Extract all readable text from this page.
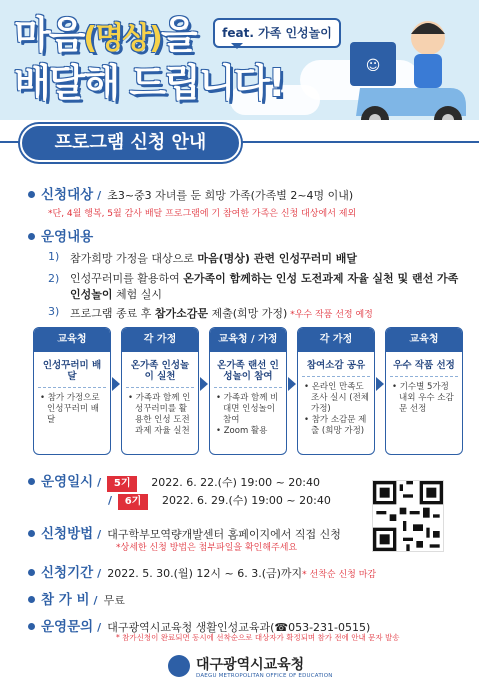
마음(명상)을
배달해 드립니다!
feat. 가족 인성놀이
☺
프로그램 신청 안내
신청대상 / 초3~중3 자녀를 둔 희망 가족(가족별 2~4명 이내)
*단, 4월 행복, 5월 감사 배달 프로그램에 기 참여한 가족은 신청 대상에서 제외
운영내용
1) 참가희망 가정을 대상으로 마음(명상) 관련 인성꾸러미 배달
2) 인성꾸러미를 활용하여 온가족이 함께하는 인성 도전과제 자율 실천 및 랜선 가족 인성놀이 체험 실시
3) 프로그램 종료 후 참가소감문 제출(희망 가정) *우수 작품 선정 예정
교육청
인성꾸러미 배달
• 참가 가정으로 인성꾸러미 배달
각 가정
온가족 인성놀이 실천
• 가족과 함께 인성꾸러미를 활용한 인성 도전과제 자율 실천
교육청 / 가정
온가족 랜선 인성놀이 참여
• 가족과 함께 비대면 인성놀이 참여
• Zoom 활용
각 가정
참여소감 공유
• 온라인 만족도 조사 실시 (전체 가정)
• 참가 소감문 제출 (희망 가정)
교육청
우수 작품 선정
• 기수별 5가정 내외 우수 소감문 선정
운영일시 /	5기	2022. 6. 22.(수) 19:00 ~ 20:40
/	6기	2022. 6. 29.(수) 19:00 ~ 20:40
신청방법 / 대구학부모역량개발센터 홈페이지에서 직접 신청
*상세한 신청 방법은 첨부파일을 확인해주세요
신청기간 / 2022. 5. 30.(월) 12시 ~ 6. 3.(금)까지 * 선착순 신청 마감
참 가 비 / 무료
운영문의 / 대구광역시교육청 생활인성교육과(☎053-231-0515)
* 참가신청이 완료되면 동시에 선착순으로 대상자가 확정되며 참가 전에 안내 문자 발송
대구광역시교육청
DAEGU METROPOLITAN OFFICE OF EDUCATION
